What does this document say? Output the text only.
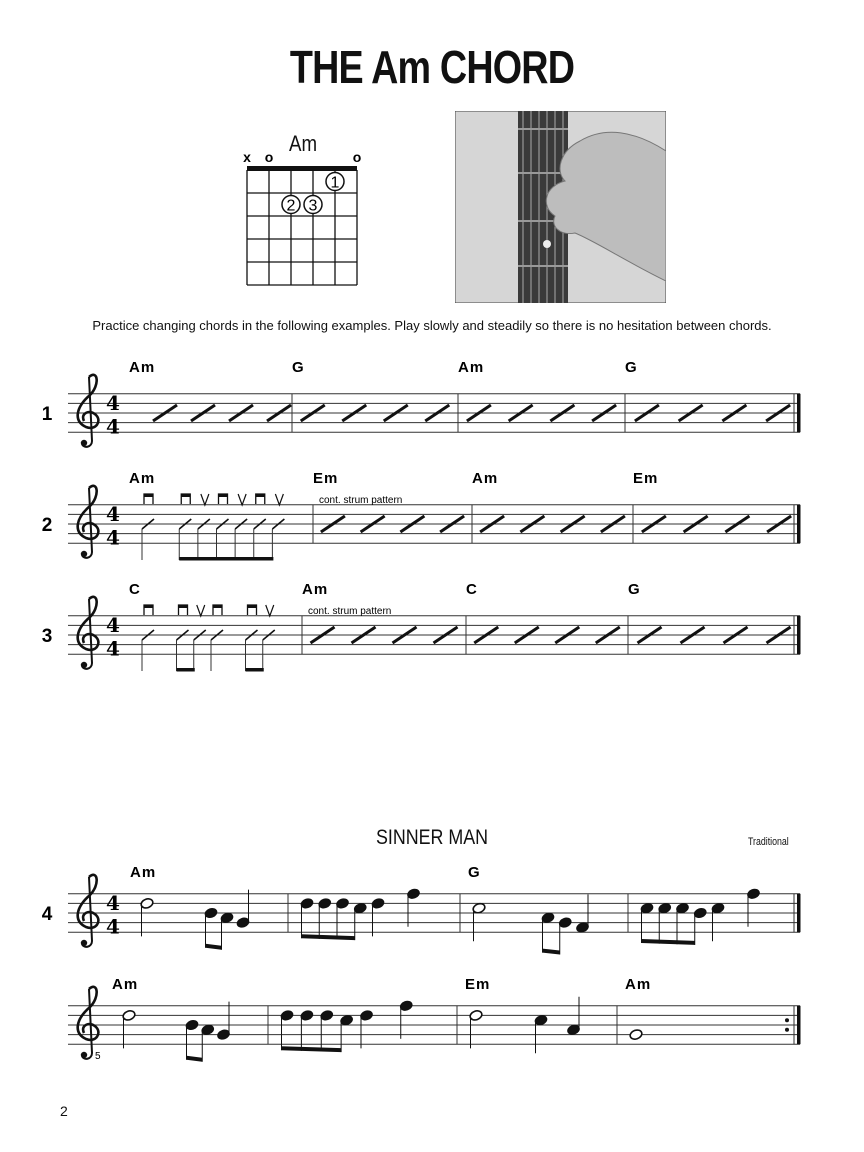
THE Am CHORD
Am
x o	o
1
2 3
Practice changing chords in the following examples. Play slowly and steadily so there is no hesitation between chords.
SINNER MAN	Traditional
2
4
4
1
Am	G	Am	G
4
4
2
Am	Em
cont. strum pattern
Am	Em
4
4
3
C	Am
cont. strum pattern
C	G
4
4
4
Am	G
5
Am	Em	Am
